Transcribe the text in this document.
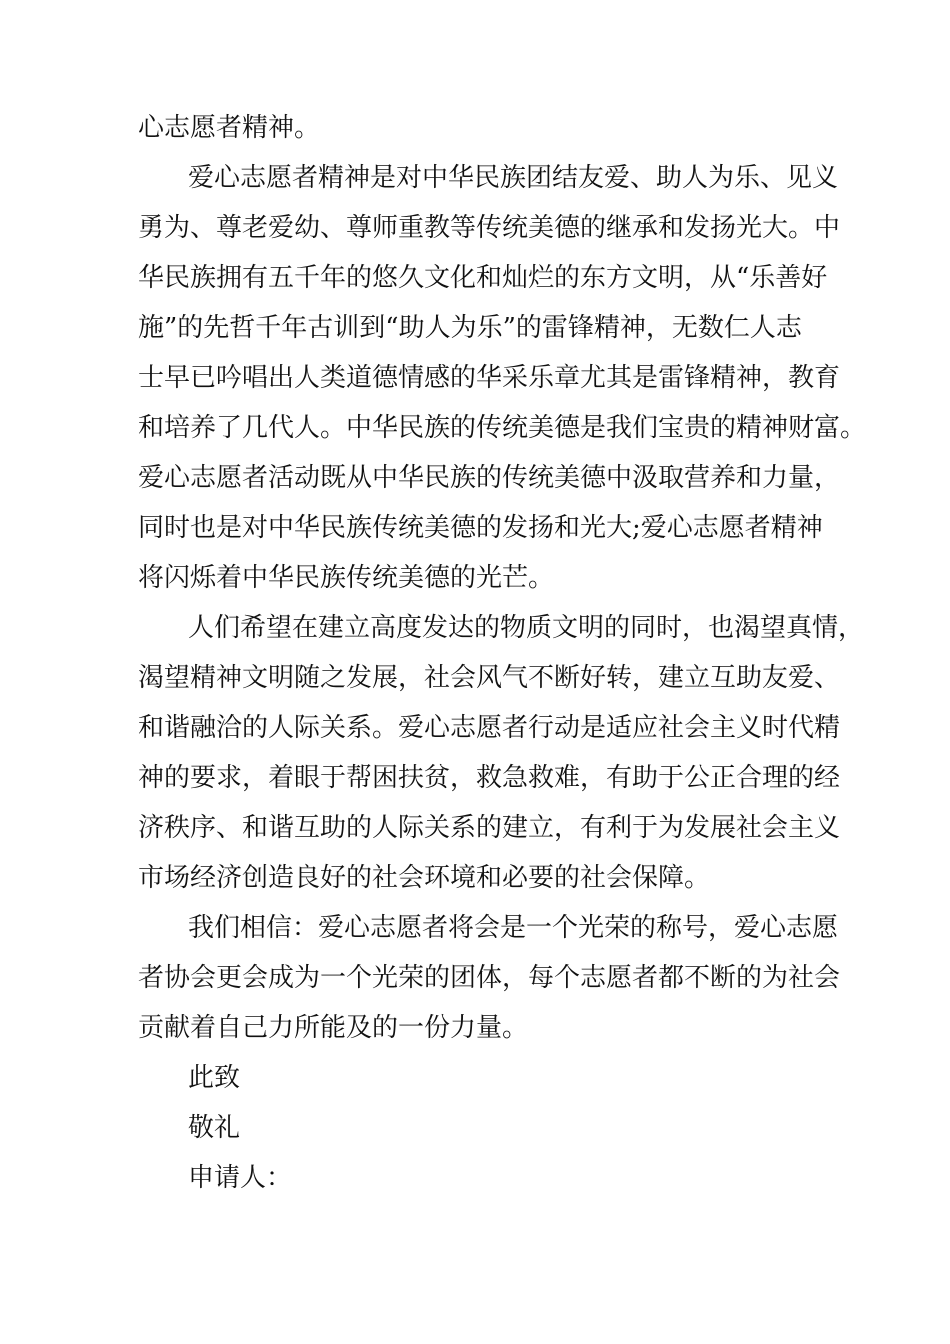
心志愿者精神。
爱心志愿者精神是对中华民族团结友爱、助人为乐、见义
勇为、尊老爱幼、尊师重教等传统美德的继承和发扬光大。中
华民族拥有五千年的悠久文化和灿烂的东方文明，从“乐善好
施”的先哲千年古训到“助人为乐”的雷锋精神，无数仁人志
士早已吟唱出人类道德情感的华采乐章尤其是雷锋精神，教育
和培养了几代人。中华民族的传统美德是我们宝贵的精神财富。
爱心志愿者活动既从中华民族的传统美德中汲取营养和力量，
同时也是对中华民族传统美德的发扬和光大;爱心志愿者精神
将闪烁着中华民族传统美德的光芒。
人们希望在建立高度发达的物质文明的同时，也渴望真情，
渴望精神文明随之发展，社会风气不断好转，建立互助友爱、
和谐融洽的人际关系。爱心志愿者行动是适应社会主义时代精
神的要求，着眼于帮困扶贫，救急救难，有助于公正合理的经
济秩序、和谐互助的人际关系的建立，有利于为发展社会主义
市场经济创造良好的社会环境和必要的社会保障。
我们相信：爱心志愿者将会是一个光荣的称号，爱心志愿
者协会更会成为一个光荣的团体，每个志愿者都不断的为社会
贡献着自己力所能及的一份力量。
此致
敬礼
申请人：
